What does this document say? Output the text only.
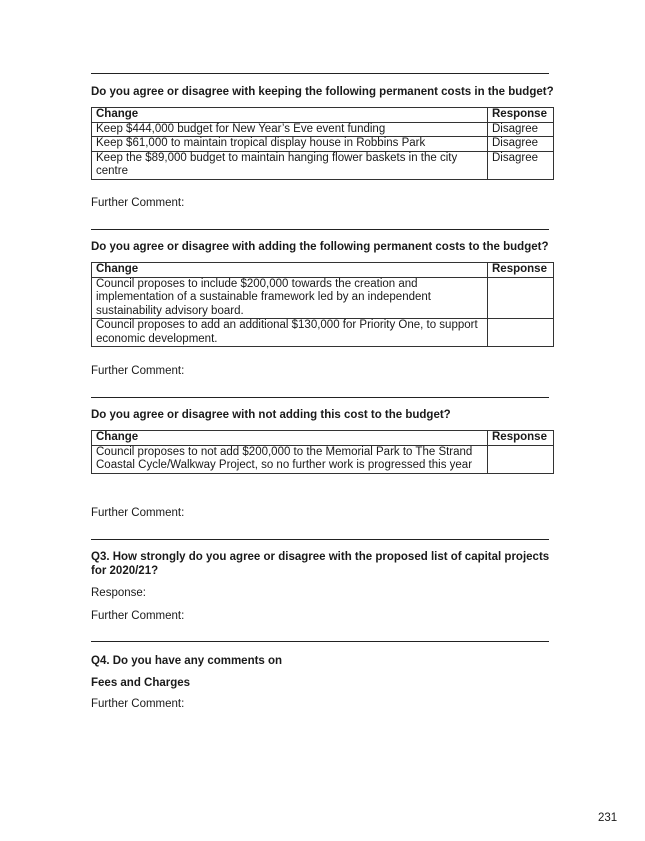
Do you agree or disagree with keeping the following permanent costs in the budget?
Change	Response
Keep $444,000 budget for New Year’s Eve event funding	Disagree
Keep $61,000 to maintain tropical display house in Robbins Park	Disagree
Keep the $89,000 budget to maintain hanging flower baskets in the city centre	Disagree
Further Comment:
Do you agree or disagree with adding the following permanent costs to the budget?
Change	Response
Council proposes to include $200,000 towards the creation and implementation of a sustainable framework led by an independent sustainability advisory board.	
Council proposes to add an additional $130,000 for Priority One, to support economic development.	
Further Comment:
Do you agree or disagree with not adding this cost to the budget?
Change	Response
Council proposes to not add $200,000 to the Memorial Park to The Strand Coastal Cycle/Walkway Project, so no further work is progressed this year	
Further Comment:
Q3. How strongly do you agree or disagree with the proposed list of capital projects for 2020/21?
Response:
Further Comment:
Q4. Do you have any comments on
Fees and Charges
Further Comment:
231
